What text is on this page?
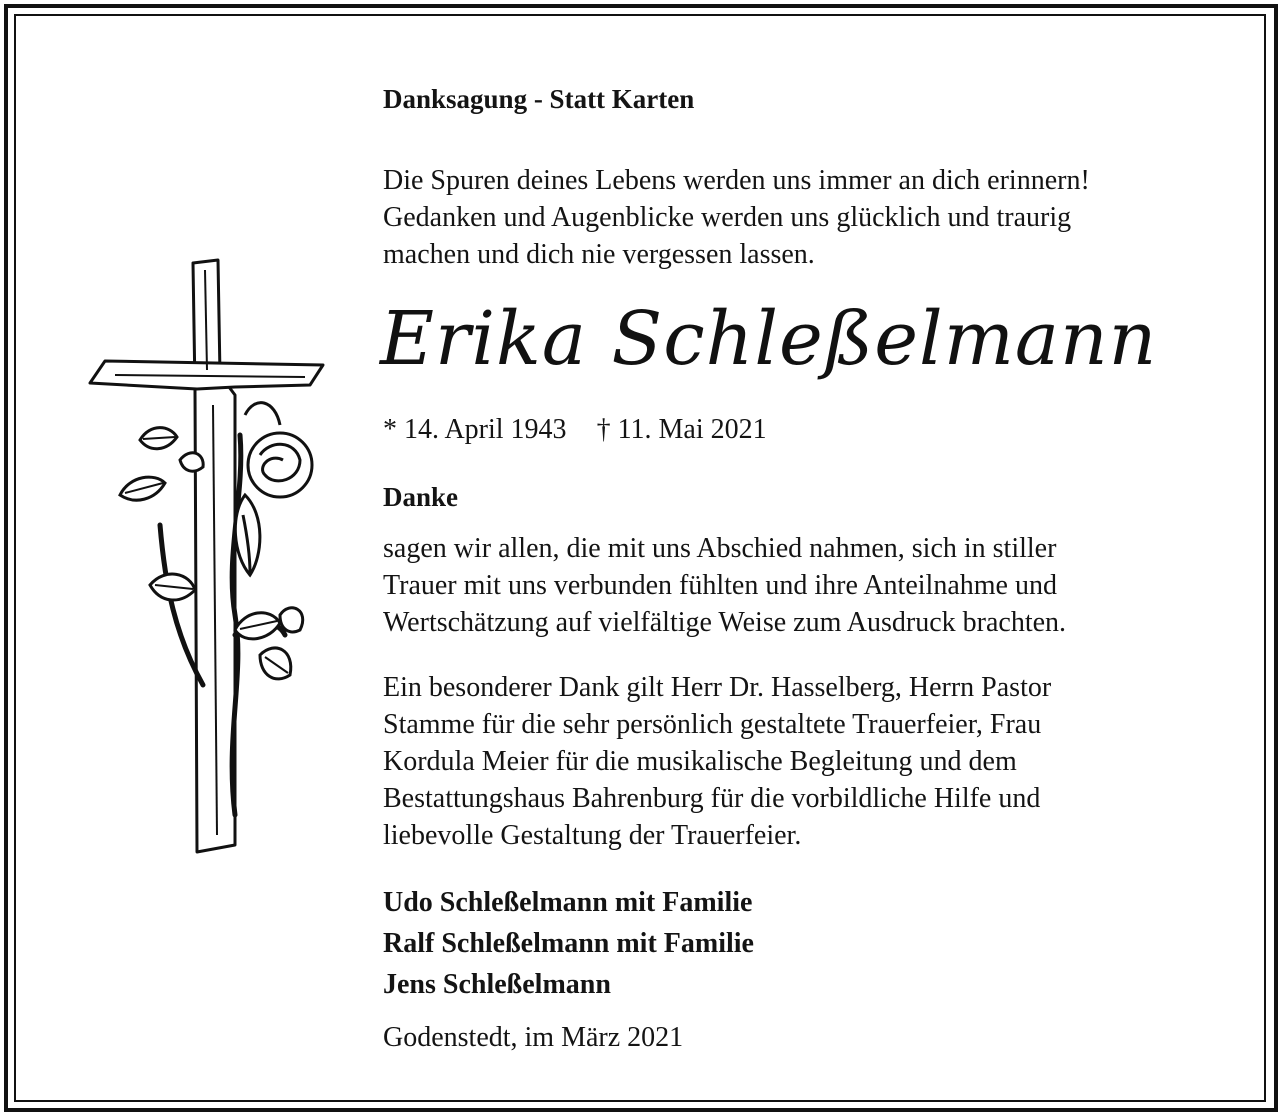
Danksagung - Statt Karten
Die Spuren deines Lebens werden uns immer an dich erinnern!
Gedanken und Augenblicke werden uns glücklich und traurig
machen und dich nie vergessen lassen.
Erika Schleßelmann
* 14. April 1943 † 11. Mai 2021
Danke
sagen wir allen, die mit uns Abschied nahmen, sich in stiller
Trauer mit uns verbunden fühlten und ihre Anteilnahme und
Wertschätzung auf vielfältige Weise zum Ausdruck brachten.
Ein besonderer Dank gilt Herr Dr. Hasselberg, Herrn Pastor
Stamme für die sehr persönlich gestaltete Trauerfeier, Frau
Kordula Meier für die musikalische Begleitung und dem
Bestattungshaus Bahrenburg für die vorbildliche Hilfe und
liebevolle Gestaltung der Trauerfeier.
Udo Schleßelmann mit Familie
Ralf Schleßelmann mit Familie
Jens Schleßelmann
Godenstedt, im März 2021
